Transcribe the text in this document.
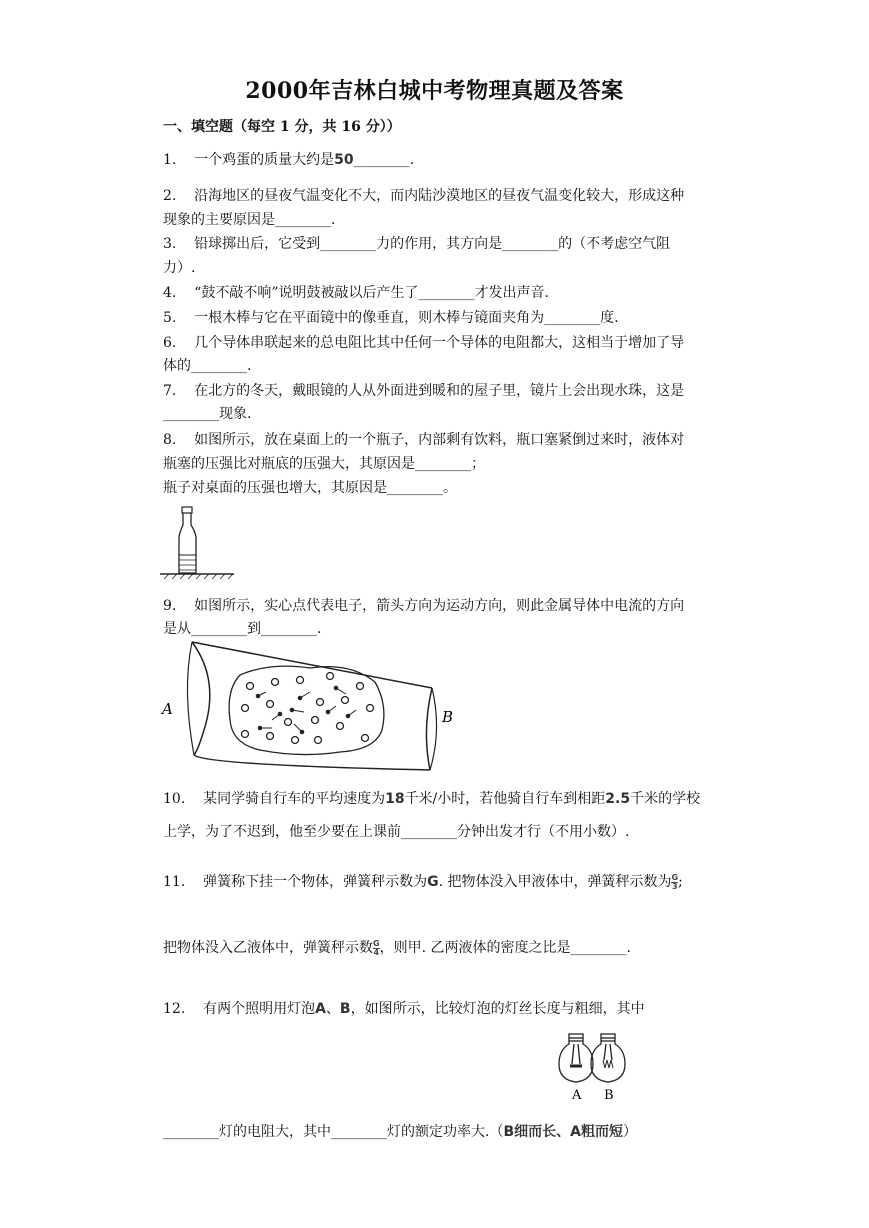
2000年吉林白城中考物理真题及答案
一、填空题（每空 1 分，共 16 分））
1. 一个鸡蛋的质量大约是50________.
2. 沿海地区的昼夜气温变化不大，而内陆沙漠地区的昼夜气温变化较大，形成这种
现象的主要原因是________.
3. 铅球掷出后，它受到________力的作用，其方向是________的（不考虑空气阻
力）.
4. “鼓不敲不响”说明鼓被敲以后产生了________才发出声音.
5. 一根木棒与它在平面镜中的像垂直，则木棒与镜面夹角为________度.
6. 几个导体串联起来的总电阻比其中任何一个导体的电阻都大，这相当于增加了导
体的________.
7. 在北方的冬天，戴眼镜的人从外面进到暖和的屋子里，镜片上会出现水珠，这是
________现象.
8. 如图所示，放在桌面上的一个瓶子，内部剩有饮料，瓶口塞紧倒过来时，液体对
瓶塞的压强比对瓶底的压强大，其原因是________；
瓶子对桌面的压强也增大，其原因是________。
9. 如图所示，实心点代表电子，箭头方向为运动方向，则此金属导体中电流的方向
是从________到________.
A	B
10. 某同学骑自行车的平均速度为18千米/小时，若他骑自行车到相距2.5千米的学校
上学，为了不迟到，他至少要在上课前________分钟出发才行（不用小数）.
11. 弹簧称下挂一个物体，弹簧秤示数为G. 把物体没入甲液体中，弹簧秤示数为 $\frac{G}{3}$ ;
把物体没入乙液体中，弹簧秤示数 $\frac{G}{4}$ ，则甲. 乙两液体的密度之比是________.
12. 有两个照明用灯泡A、B，如图所示，比较灯泡的灯丝长度与粗细，其中
A B
________灯的电阻大，其中________灯的额定功率大.（B细而长、A粗而短）
